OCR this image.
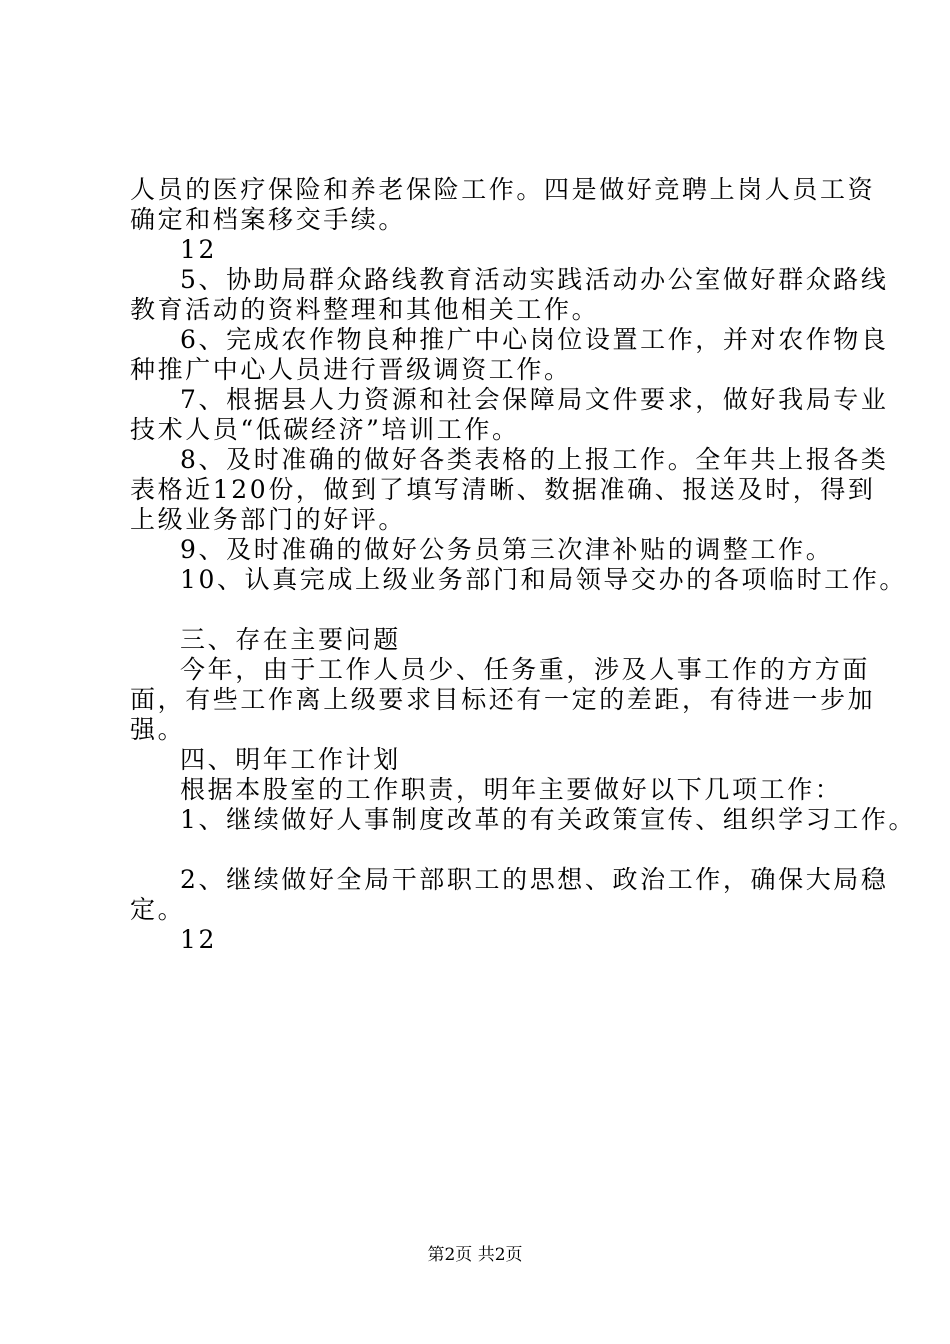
人员的医疗保险和养老保险工作。四是做好竞聘上岗人员工资
确定和档案移交手续。
12
5、协助局群众路线教育活动实践活动办公室做好群众路线
教育活动的资料整理和其他相关工作。
6、完成农作物良种推广中心岗位设置工作，并对农作物良
种推广中心人员进行晋级调资工作。
7、根据县人力资源和社会保障局文件要求，做好我局专业
技术人员“低碳经济”培训工作。
8、及时准确的做好各类表格的上报工作。全年共上报各类
表格近120份，做到了填写清晰、数据准确、报送及时，得到
上级业务部门的好评。
9、及时准确的做好公务员第三次津补贴的调整工作。
10、认真完成上级业务部门和局领导交办的各项临时工作。
三、存在主要问题
今年，由于工作人员少、任务重，涉及人事工作的方方面
面，有些工作离上级要求目标还有一定的差距，有待进一步加
强。
四、明年工作计划
根据本股室的工作职责，明年主要做好以下几项工作：
1、继续做好人事制度改革的有关政策宣传、组织学习工作。
2、继续做好全局干部职工的思想、政治工作，确保大局稳
定。
12
第2页 共2页
